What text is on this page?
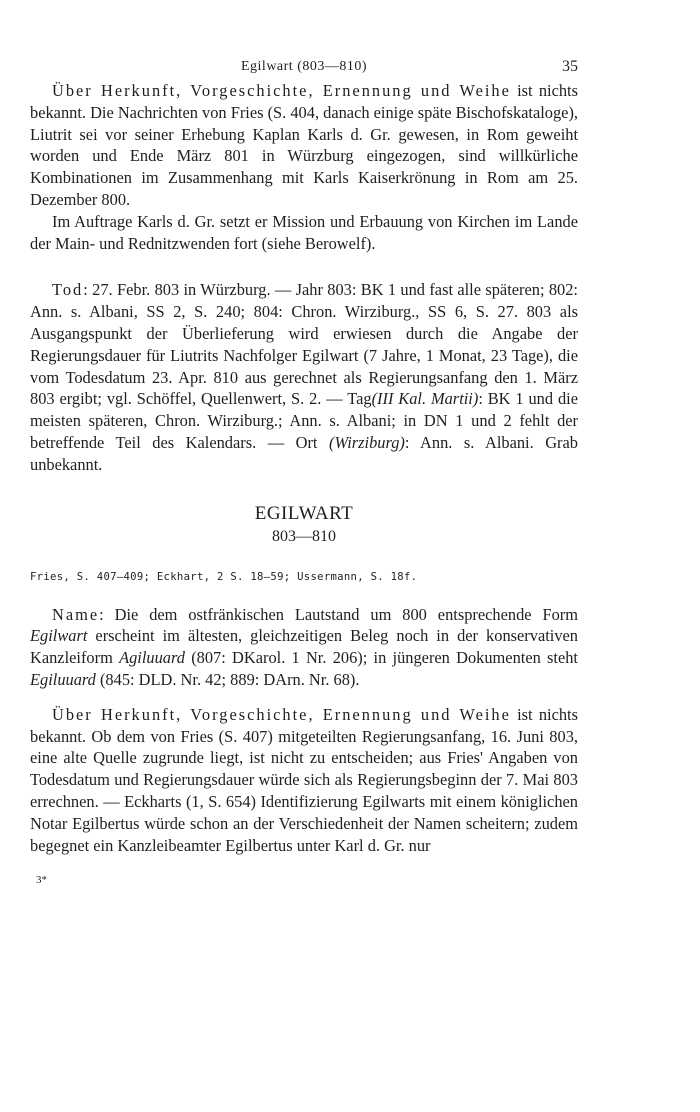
Egilwart (803—810)	35

Über Herkunft, Vorgeschichte, Ernennung und Weihe ist nichts bekannt. Die Nachrichten von Fries (S. 404, danach einige späte Bischofskataloge), Liutrit sei vor seiner Erhebung Kaplan Karls d. Gr. gewesen, in Rom geweiht worden und Ende März 801 in Würzburg eingezogen, sind willkürliche Kombinationen im Zusammenhang mit Karls Kaiserkrönung in Rom am 25. Dezember 800.

Im Auftrage Karls d. Gr. setzt er Mission und Erbauung von Kirchen im Lande der Main- und Rednitzwenden fort (siehe Berowelf).

Tod: 27. Febr. 803 in Würzburg. — Jahr 803: BK 1 und fast alle späteren; 802: Ann. s. Albani, SS 2, S. 240; 804: Chron. Wirziburg., SS 6, S. 27. 803 als Ausgangspunkt der Überlieferung wird erwiesen durch die Angabe der Regierungsdauer für Liutrits Nachfolger Egilwart (7 Jahre, 1 Monat, 23 Tage), die vom Todesdatum 23. Apr. 810 aus gerechnet als Regierungsanfang den 1. März 803 ergibt; vgl. Schöffel, Quellenwert, S. 2. — Tag(III Kal. Martii): BK 1 und die meisten späteren, Chron. Wirziburg.; Ann. s. Albani; in DN 1 und 2 fehlt der betreffende Teil des Kalendars. — Ort (Wirziburg): Ann. s. Albani. Grab unbekannt.

EGILWART
803—810

Fries, S. 407—409; Eckhart, 2 S. 18—59; Ussermann, S. 18f.

Name: Die dem ostfränkischen Lautstand um 800 entsprechende Form Egilwart erscheint im ältesten, gleichzeitigen Beleg noch in der konservativen Kanzleiform Agiluuard (807: DKarol. 1 Nr. 206); in jüngeren Dokumenten steht Egiluuard (845: DLD. Nr. 42; 889: DArn. Nr. 68).

Über Herkunft, Vorgeschichte, Ernennung und Weihe ist nichts bekannt. Ob dem von Fries (S. 407) mitgeteilten Regierungsanfang, 16. Juni 803, eine alte Quelle zugrunde liegt, ist nicht zu entscheiden; aus Fries' Angaben von Todesdatum und Regierungsdauer würde sich als Regierungsbeginn der 7. Mai 803 errechnen. — Eckharts (1, S. 654) Identifizierung Egilwarts mit einem königlichen Notar Egilbertus würde schon an der Verschiedenheit der Namen scheitern; zudem begegnet ein Kanzleibeamter Egilbertus unter Karl d. Gr. nur

3*
